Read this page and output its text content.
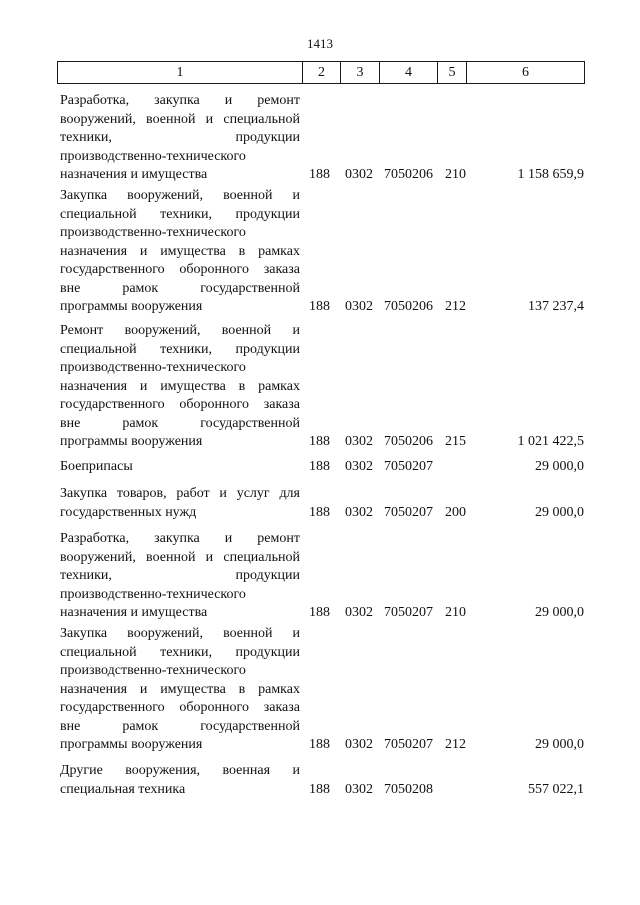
1413
1	2	3	4	5	6
Разработка, закупка и ремонт
вооружений, военной и специальной
техники, продукции
производственно-технического
назначения и имущества	188 0302 7050206 210	1 158 659,9
Закупка вооружений, военной и
специальной техники, продукции
производственно-технического
назначения и имущества в рамках
государственного оборонного заказа
вне рамок государственной
программы вооружения	188 0302 7050206 212	137 237,4
Ремонт вооружений, военной и
специальной техники, продукции
производственно-технического
назначения и имущества в рамках
государственного оборонного заказа
вне рамок государственной
программы вооружения	188 0302 7050206 215	1 021 422,5
Боеприпасы	188 0302 7050207	29 000,0
Закупка товаров, работ и услуг для
государственных нужд	188 0302 7050207 200	29 000,0
Разработка, закупка и ремонт
вооружений, военной и специальной
техники, продукции
производственно-технического
назначения и имущества	188 0302 7050207 210	29 000,0
Закупка вооружений, военной и
специальной техники, продукции
производственно-технического
назначения и имущества в рамках
государственного оборонного заказа
вне рамок государственной
программы вооружения	188 0302 7050207 212	29 000,0
Другие вооружения, военная и
специальная техника	188 0302 7050208	557 022,1
